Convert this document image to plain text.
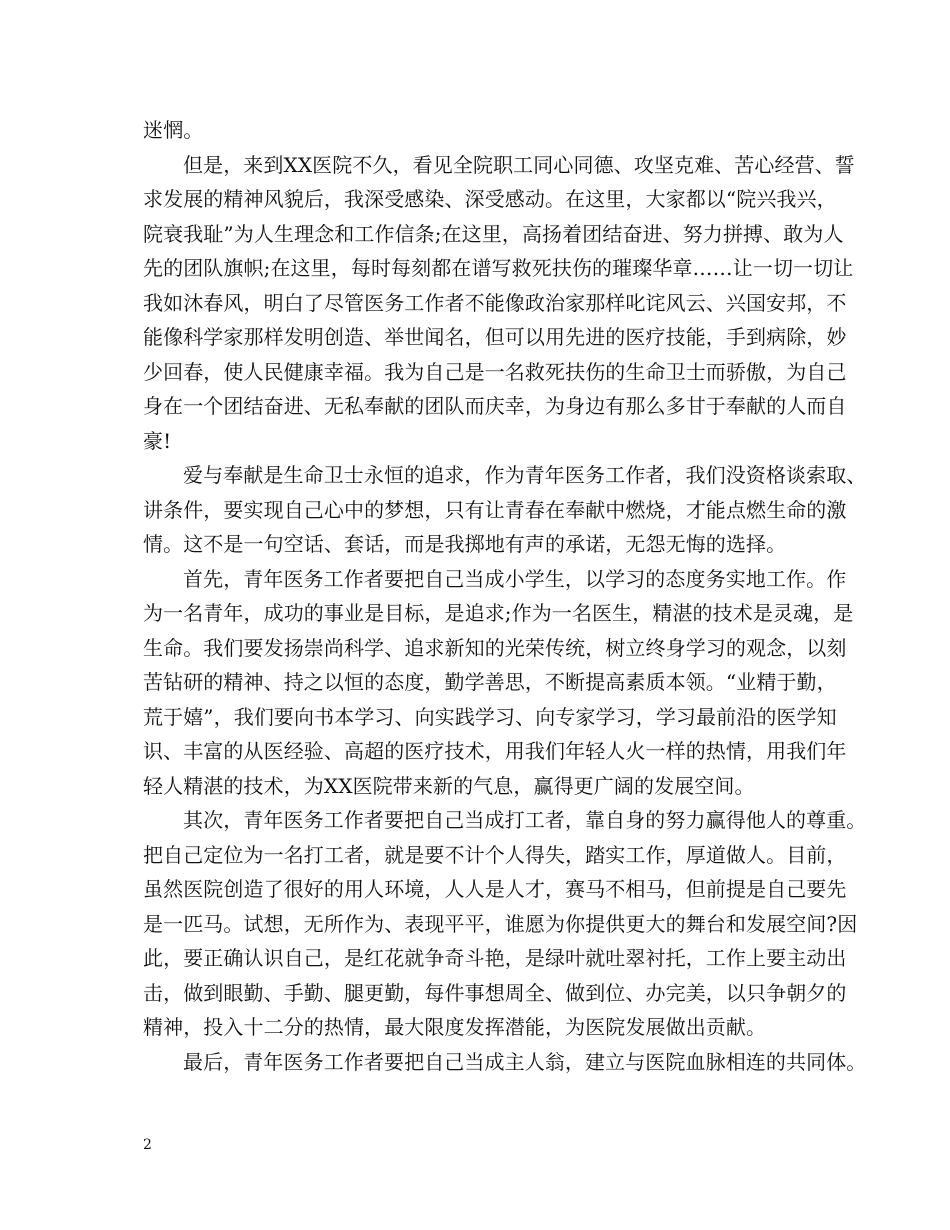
迷惘。
但是，来到XX医院不久，看见全院职工同心同德、攻坚克难、苦心经营、誓
求发展的精神风貌后，我深受感染、深受感动。在这里，大家都以“院兴我兴，
院衰我耻”为人生理念和工作信条;在这里，高扬着团结奋进、努力拼搏、敢为人
先的团队旗帜;在这里，每时每刻都在谱写救死扶伤的璀璨华章……让一切一切让
我如沐春风，明白了尽管医务工作者不能像政治家那样叱诧风云、兴国安邦，不
能像科学家那样发明创造、举世闻名，但可以用先进的医疗技能，手到病除，妙
少回春，使人民健康幸福。我为自己是一名救死扶伤的生命卫士而骄傲，为自己
身在一个团结奋进、无私奉献的团队而庆幸，为身边有那么多甘于奉献的人而自
豪!
爱与奉献是生命卫士永恒的追求，作为青年医务工作者，我们没资格谈索取、
讲条件，要实现自己心中的梦想，只有让青春在奉献中燃烧，才能点燃生命的激
情。这不是一句空话、套话，而是我掷地有声的承诺，无怨无悔的选择。
首先，青年医务工作者要把自己当成小学生，以学习的态度务实地工作。作
为一名青年，成功的事业是目标，是追求;作为一名医生，精湛的技术是灵魂，是
生命。我们要发扬崇尚科学、追求新知的光荣传统，树立终身学习的观念，以刻
苦钻研的精神、持之以恒的态度，勤学善思，不断提高素质本领。“业精于勤，
荒于嬉”，我们要向书本学习、向实践学习、向专家学习，学习最前沿的医学知
识、丰富的从医经验、高超的医疗技术，用我们年轻人火一样的热情，用我们年
轻人精湛的技术，为XX医院带来新的气息，赢得更广阔的发展空间。
其次，青年医务工作者要把自己当成打工者，靠自身的努力赢得他人的尊重。
把自己定位为一名打工者，就是要不计个人得失，踏实工作，厚道做人。目前，
虽然医院创造了很好的用人环境，人人是人才，赛马不相马，但前提是自己要先
是一匹马。试想，无所作为、表现平平，谁愿为你提供更大的舞台和发展空间?因
此，要正确认识自己，是红花就争奇斗艳，是绿叶就吐翠衬托，工作上要主动出
击，做到眼勤、手勤、腿更勤，每件事想周全、做到位、办完美，以只争朝夕的
精神，投入十二分的热情，最大限度发挥潜能，为医院发展做出贡献。
最后，青年医务工作者要把自己当成主人翁，建立与医院血脉相连的共同体。
2
